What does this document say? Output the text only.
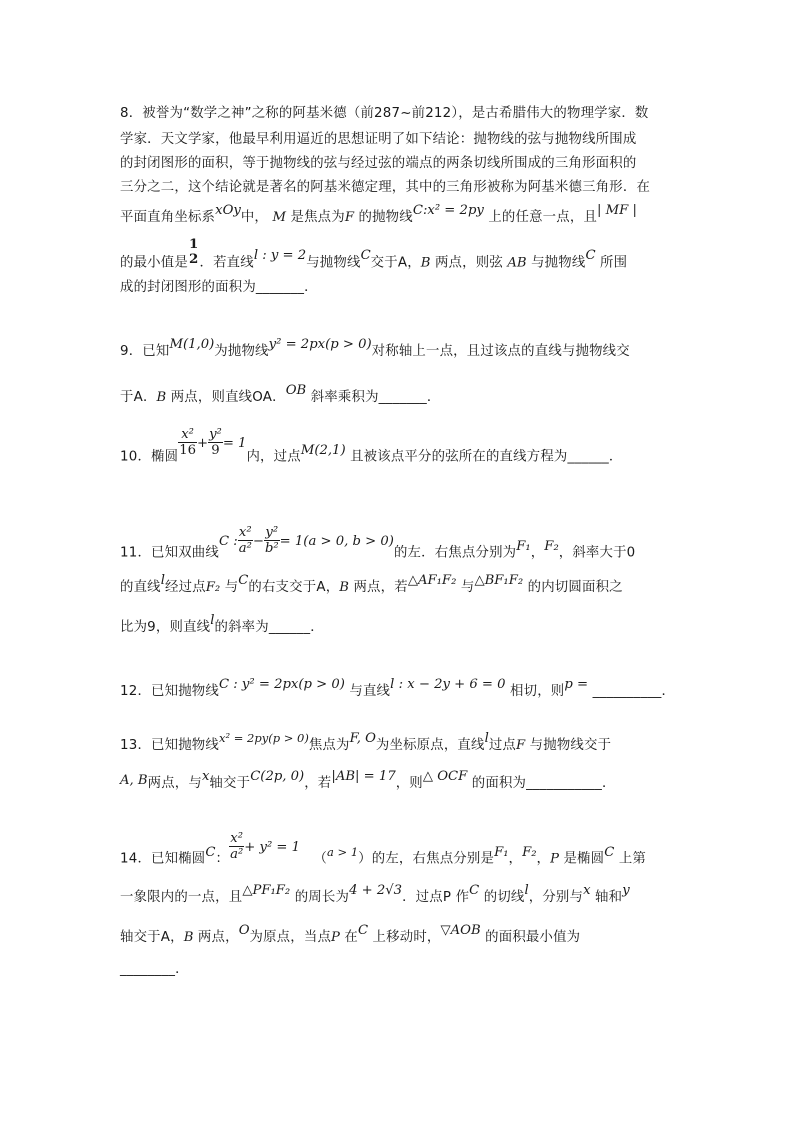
8．被誉为“数学之神”之称的阿基米德（前287~前212），是古希腊伟大的物理学家．数
学家．天文学家，他最早利用逼近的思想证明了如下结论：抛物线的弦与抛物线所围成
的封闭图形的面积，等于抛物线的弦与经过弦的端点的两条切线所围成的三角形面积的
三分之二，这个结论就是著名的阿基米德定理，其中的三角形被称为阿基米德三角形．在
平面直角坐标系xOy中， M 是焦点为F 的抛物线C:x² = 2py 上的任意一点，且| MF |
的最小值是
1
2 ．若直线l : y = 2与抛物线C交于A，B 两点，则弦 AB 与抛物线C 所围
成的封闭图形的面积为_______．
9．已知M(1,0)为抛物线y² = 2px(p > 0)对称轴上一点，且过该点的直线与抛物线交
于A．B 两点，则直线OA．OB 斜率乘积为_______．
10．椭圆 $\frac{\text{x²}}{16} + \frac{\text{y²}}{9} = 1$内，过点M(2,1) 且被该点平分的弦所在的直线方程为______．
11．已知双曲线C : $\frac{\text{x²}}{\text{a²}} - \frac{\text{y²}}{\text{b²}} = 1(a > 0$, b > 0)的左．右焦点分别为F₁，F₂，斜率大于0
的直线l经过点F₂ 与C的右支交于A，B 两点，若△AF₁F₂ 与△BF₁F₂ 的内切圆面积之
比为9，则直线l的斜率为______．
12．已知抛物线C : y² = 2px(p > 0) 与直线l : x − 2y + 6 = 0 相切，则p = __________．
13．已知抛物线x² = 2py(p > 0)焦点为F, O为坐标原点，直线l过点F 与抛物线交于
A, B两点，与x轴交于C(2p, 0)，若|AB| = 17，则△ OCF 的面积为___________．
14．已知椭圆C： $\frac{\text{x²}}{\text{a²}} + y^2 = 1$   （a > 1）的左，右焦点分别是F₁，F₂，P 是椭圆C 上第
一象限内的一点，且△PF₁F₂ 的周长为4 + 2√3．过点P 作C 的切线l，分别与x 轴和y
轴交于A，B 两点，O为原点，当点P 在C 上移动时，▽AOB 的面积最小值为
________．
